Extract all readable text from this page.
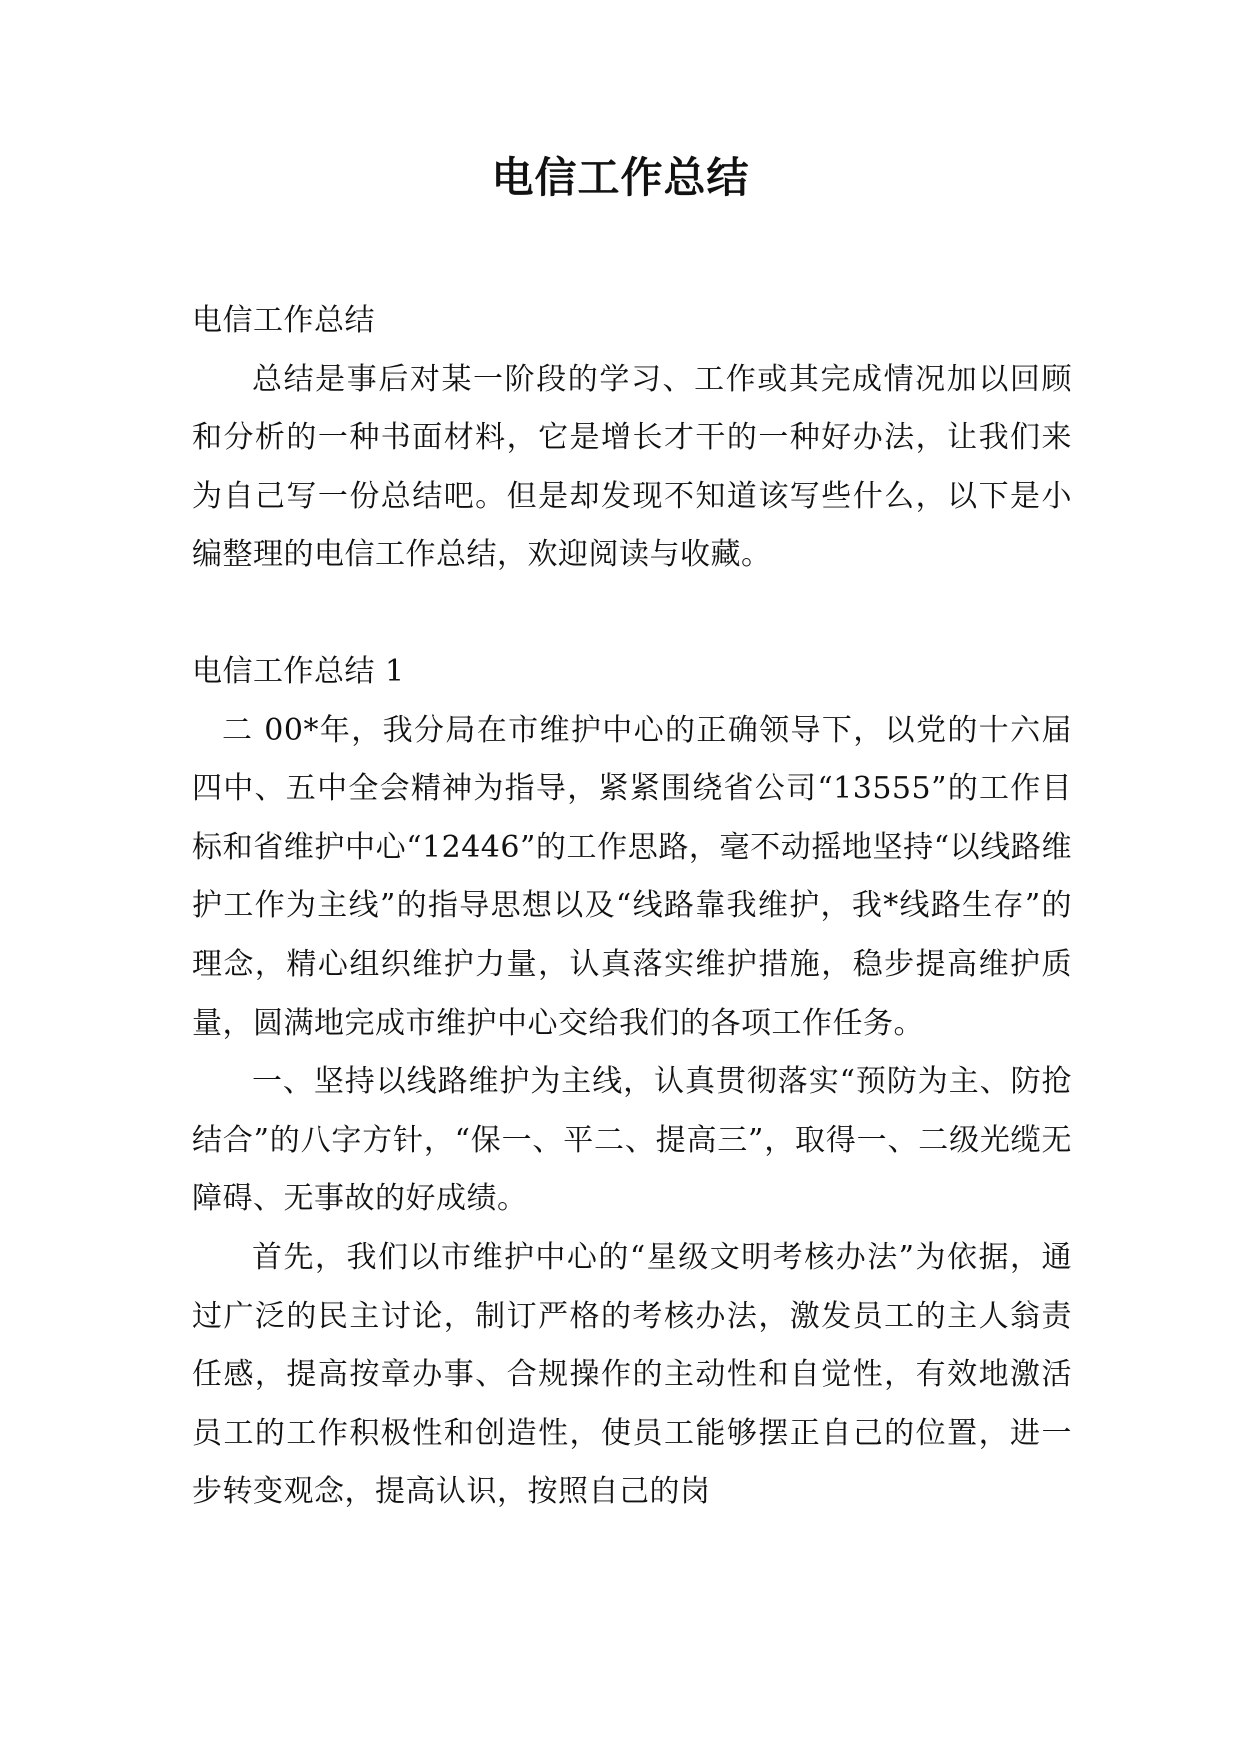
电信工作总结

电信工作总结

总结是事后对某一阶段的学习、工作或其完成情况加以回顾和分析的一种书面材料，它是增长才干的一种好办法，让我们来为自己写一份总结吧。但是却发现不知道该写些什么，以下是小编整理的电信工作总结，欢迎阅读与收藏。

电信工作总结 1

二 00*年，我分局在市维护中心的正确领导下，以党的十六届四中、五中全会精神为指导，紧紧围绕省公司“13555”的工作目标和省维护中心“12446”的工作思路，毫不动摇地坚持“以线路维护工作为主线”的指导思想以及“线路靠我维护，我*线路生存”的理念，精心组织维护力量，认真落实维护措施，稳步提高维护质量，圆满地完成市维护中心交给我们的各项工作任务。

一、坚持以线路维护为主线，认真贯彻落实“预防为主、防抢结合”的八字方针，“保一、平二、提高三”，取得一、二级光缆无障碍、无事故的好成绩。

首先，我们以市维护中心的“星级文明考核办法”为依据，通过广泛的民主讨论，制订严格的考核办法，激发员工的主人翁责任感，提高按章办事、合规操作的主动性和自觉性，有效地激活员工的工作积极性和创造性，使员工能够摆正自己的位置，进一步转变观念，提高认识，按照自己的岗
